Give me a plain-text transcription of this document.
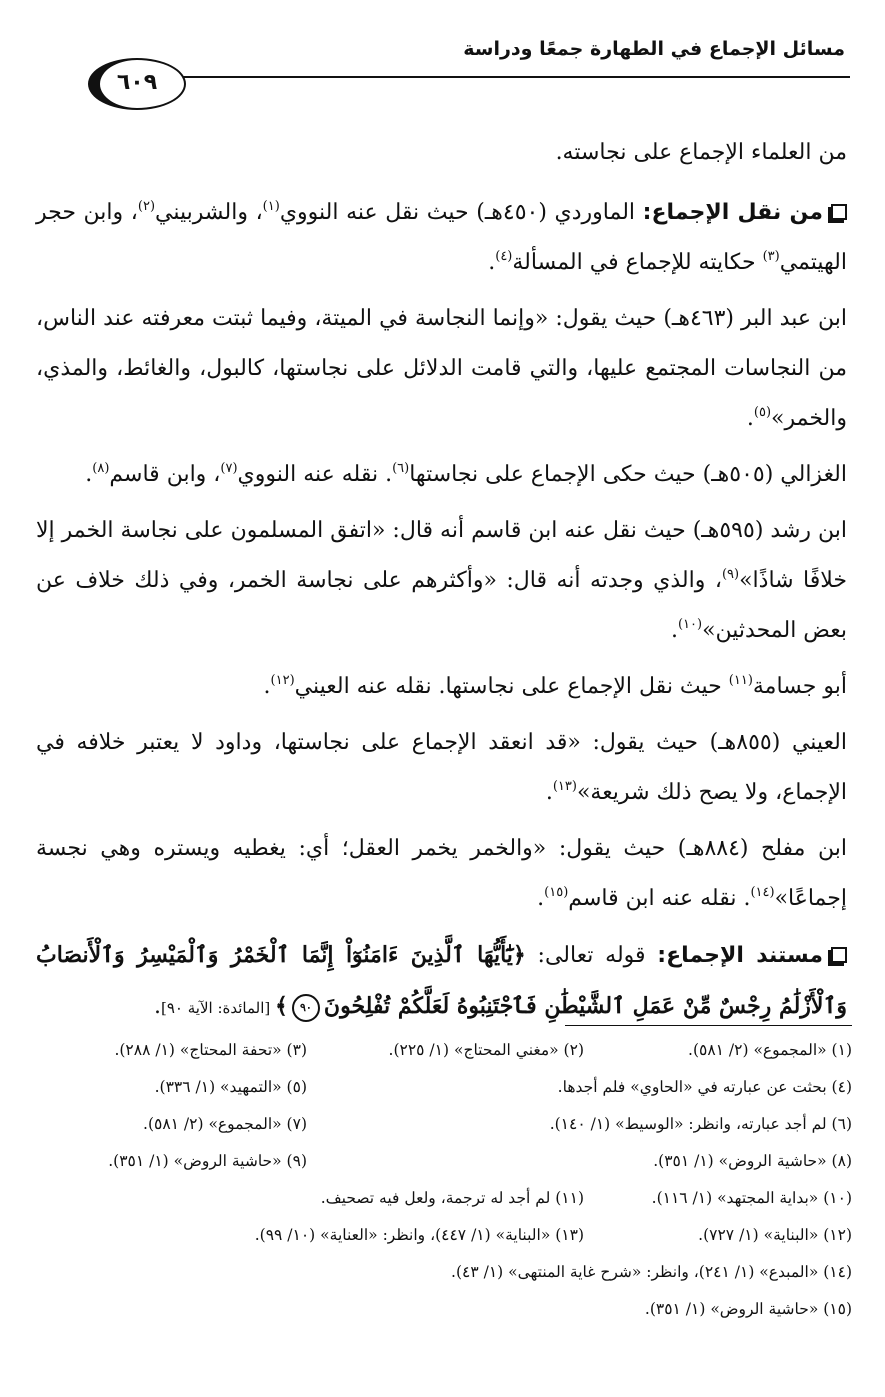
مسائل الإجماع في الطهارة جمعًا ودراسة
٦٠٩

من العلماء الإجماع على نجاسته.

من نقل الإجماع: الماوردي (٤٥٠هـ) حيث نقل عنه النووي$^{(١)}$، والشربيني$^{(٢)}$، وابن حجر الهيتمي$^{(٣)}$ حكايته للإجماع في المسألة$^{(٤)}$.

ابن عبد البر (٤٦٣هـ) حيث يقول: «وإنما النجاسة في الميتة، وفيما ثبتت معرفته عند الناس، من النجاسات المجتمع عليها، والتي قامت الدلائل على نجاستها، كالبول، والغائط، والمذي، والخمر»$^{(٥)}$.

الغزالي (٥٠٥هـ) حيث حكى الإجماع على نجاستها$^{(٦)}$. نقله عنه النووي$^{(٧)}$، وابن قاسم$^{(٨)}$.

ابن رشد (٥٩٥هـ) حيث نقل عنه ابن قاسم أنه قال: «اتفق المسلمون على نجاسة الخمر إلا خلافًا شاذًا»$^{(٩)}$، والذي وجدته أنه قال: «وأكثرهم على نجاسة الخمر، وفي ذلك خلاف عن بعض المحدثين»$^{(١٠)}$.

أبو جسامة$^{(١١)}$ حيث نقل الإجماع على نجاستها. نقله عنه العيني$^{(١٢)}$.

العيني (٨٥٥هـ) حيث يقول: «قد انعقد الإجماع على نجاستها، وداود لا يعتبر خلافه في الإجماع، ولا يصح ذلك شريعة»$^{(١٣)}$.

ابن مفلح (٨٨٤هـ) حيث يقول: «والخمر يخمر العقل؛ أي: يغطيه ويستره وهي نجسة إجماعًا»$^{(١٤)}$. نقله عنه ابن قاسم$^{(١٥)}$.

مستند الإجماع: قوله تعالى: ﴿يَٰٓأَيُّهَا ٱلَّذِينَ ءَامَنُوٓاْ إِنَّمَا ٱلْخَمْرُ وَٱلْمَيْسِرُ وَٱلْأَنصَابُ وَٱلْأَزْلَٰمُ رِجْسٌ مِّنْ عَمَلِ ٱلشَّيْطَٰنِ فَٱجْتَنِبُوهُ لَعَلَّكُمْ تُفْلِحُونَ٩٠﴾ [المائدة: الآية ٩٠].

(١) «المجموع» (٢/ ٥٨١).
(٢) «مغني المحتاج» (١/ ٢٢٥).
(٣) «تحفة المحتاج» (١/ ٢٨٨).
(٤) بحثت عن عبارته في «الحاوي» فلم أجدها.
(٥) «التمهيد» (١/ ٣٣٦).
(٦) لم أجد عبارته، وانظر: «الوسيط» (١/ ١٤٠).
(٧) «المجموع» (٢/ ٥٨١).
(٨) «حاشية الروض» (١/ ٣٥١).
(٩) «حاشية الروض» (١/ ٣٥١).
(١٠) «بداية المجتهد» (١/ ١١٦).
(١١) لم أجد له ترجمة، ولعل فيه تصحيف.
(١٢) «البناية» (١/ ٧٢٧).
(١٣) «البناية» (١/ ٤٤٧)، وانظر: «العناية» (١٠/ ٩٩).
(١٤) «المبدع» (١/ ٢٤١)، وانظر: «شرح غاية المنتهى» (١/ ٤٣).
(١٥) «حاشية الروض» (١/ ٣٥١).
